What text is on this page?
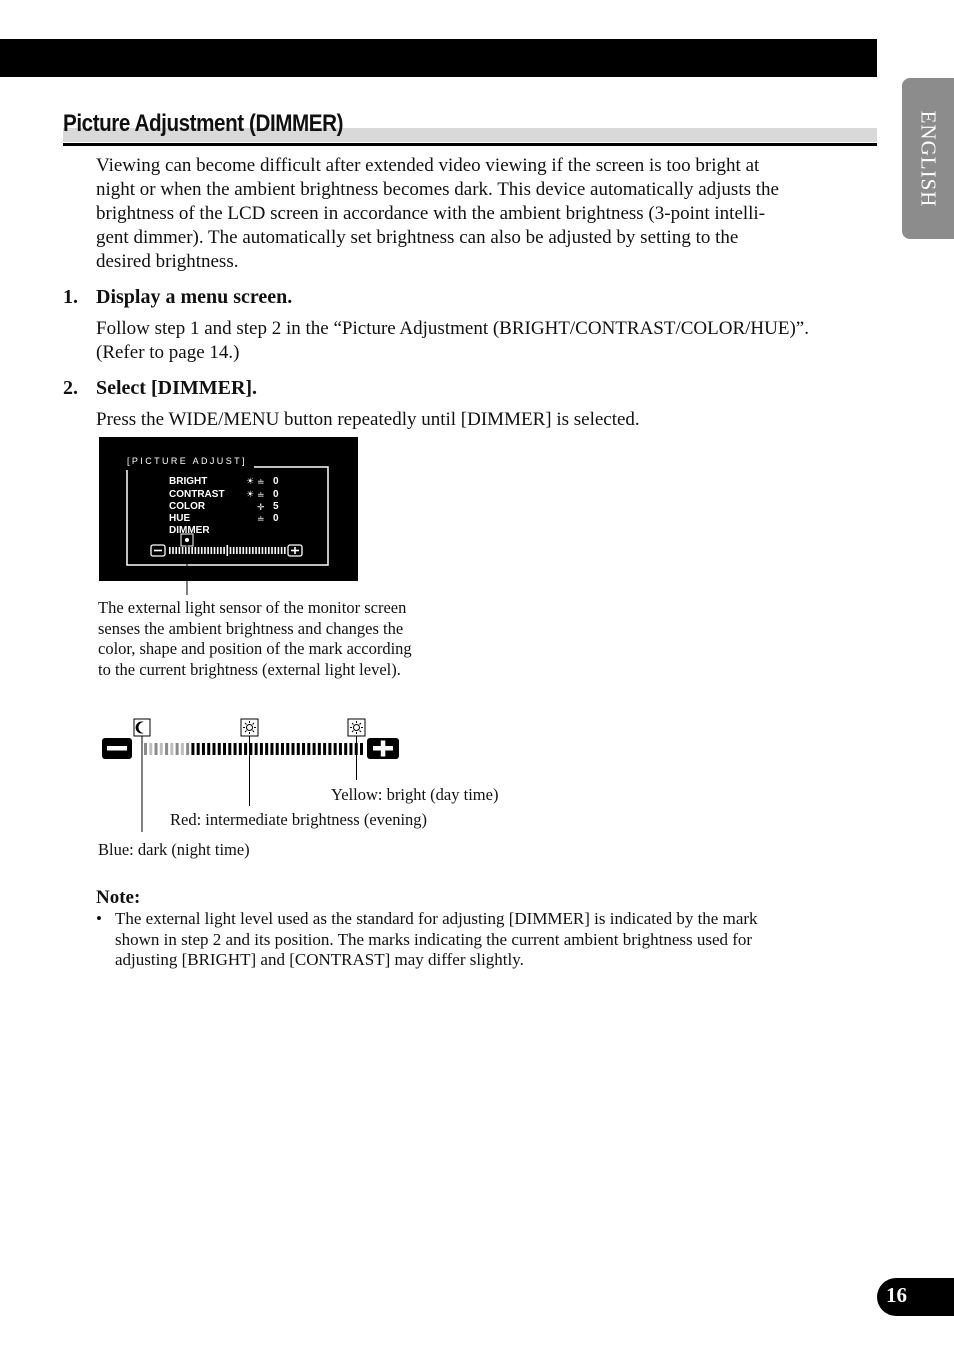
ENGLISH
Picture Adjustment (DIMMER)
Viewing can become difficult after extended video viewing if the screen is too bright at
night or when the ambient brightness becomes dark. This device automatically adjusts the
brightness of the LCD screen in accordance with the ambient brightness (3-point intelli-
gent dimmer). The automatically set brightness can also be adjusted by setting to the
desired brightness.
1. Display a menu screen.
Follow step 1 and step 2 in the “Picture Adjustment (BRIGHT/CONTRAST/COLOR/HUE)”.
(Refer to page 14.)
2. Select [DIMMER].
Press the WIDE/MENU button repeatedly until [DIMMER] is selected.
[PICTURE ADJUST]
BRIGHT
CONTRAST
COLOR
HUE
DIMMER
0
0
5
0
☀
☀
≐
≐
✛
≐
The external light sensor of the monitor screen
senses the ambient brightness and changes the
color, shape and position of the mark according
to the current brightness (external light level).
Yellow: bright (day time)
Red: intermediate brightness (evening)
Blue: dark (night time)
Note:
• The external light level used as the standard for adjusting [DIMMER] is indicated by the mark
shown in step 2 and its position. The marks indicating the current ambient brightness used for
adjusting [BRIGHT] and [CONTRAST] may differ slightly.
16
